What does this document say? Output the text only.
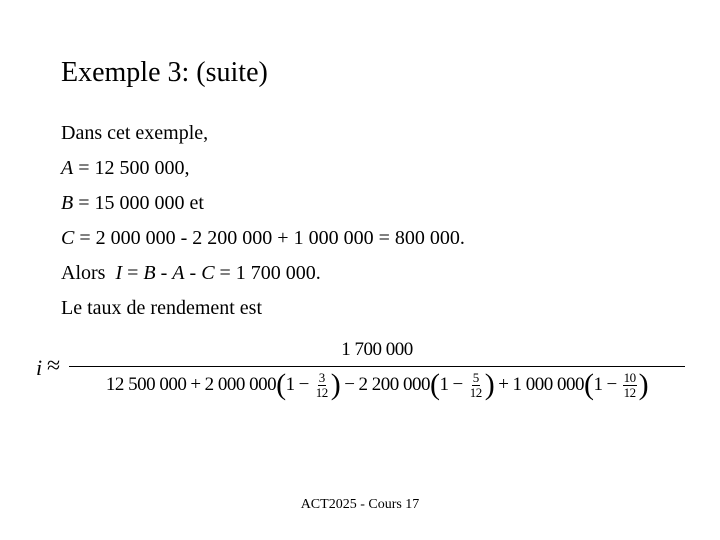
Exemple 3: (suite)
Dans cet exemple,
A = 12 500 000,
B = 15 000 000 et
C = 2 000 000 - 2 200 000 + 1 000 000 = 800 000.
Alors  I = B - A - C = 1 700 000.
Le taux de rendement est
i ≈
1 700 000
12 500 000 + 2 000 000 ( $1 - \frac{3}{12}$ ) − 2 200 000 ( $1 - \frac{5}{12}$ ) + 1 000 000 ( $1 - \frac{10}{12}$ )
ACT2025 - Cours 17
